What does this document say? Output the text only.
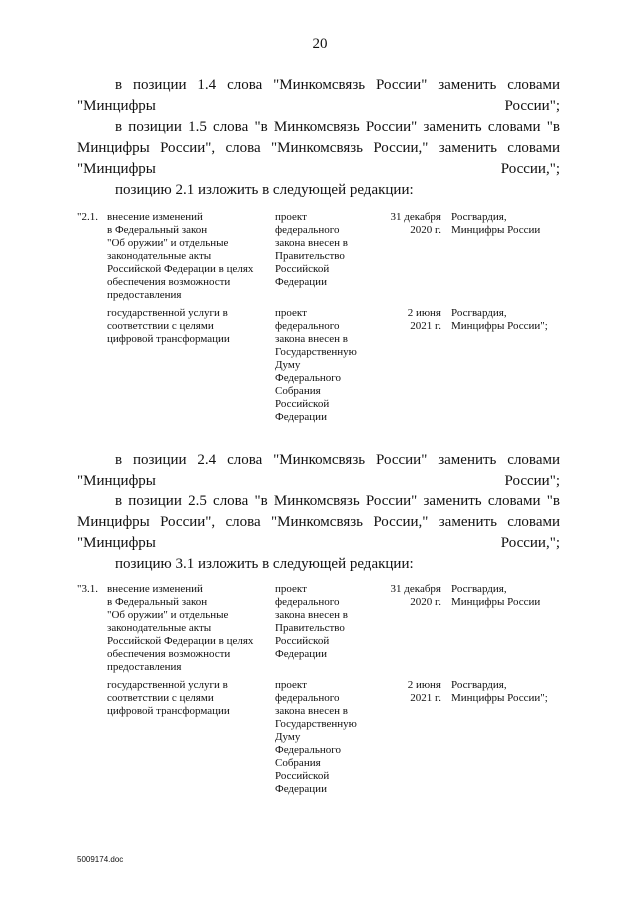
20

в позиции 1.4 слова "Минкомсвязь России" заменить словами "Минцифры России";

в позиции 1.5 слова "в Минкомсвязь России" заменить словами "в Минцифры России", слова "Минкомсвязь России," заменить словами "Минцифры России,";

позицию 2.1 изложить в следующей редакции:

"2.1. внесение изменений
в Федеральный закон
"Об оружии" и отдельные
законодательные акты
Российской Федерации в целях
обеспечения возможности
предоставления
проект
федерального
закона внесен в
Правительство
Российской
Федерации
31 декабря
2020 г.
Росгвардия,
Минцифры России
государственной услуги в
соответствии с целями
цифровой трансформации
проект
федерального
закона внесен в
Государственную
Думу
Федерального
Собрания
Российской
Федерации
2 июня
2021 г.
Росгвардия,
Минцифры России";

в позиции 2.4 слова "Минкомсвязь России" заменить словами "Минцифры России";

в позиции 2.5 слова "в Минкомсвязь России" заменить словами "в Минцифры России", слова "Минкомсвязь России," заменить словами "Минцифры России,";

позицию 3.1 изложить в следующей редакции:

"3.1. внесение изменений
в Федеральный закон
"Об оружии" и отдельные
законодательные акты
Российской Федерации в целях
обеспечения возможности
предоставления
проект
федерального
закона внесен в
Правительство
Российской
Федерации
31 декабря
2020 г.
Росгвардия,
Минцифры России
государственной услуги в
соответствии с целями
цифровой трансформации
проект
федерального
закона внесен в
Государственную
Думу
Федерального
Собрания
Российской
Федерации
2 июня
2021 г.
Росгвардия,
Минцифры России";
5009174.doc
